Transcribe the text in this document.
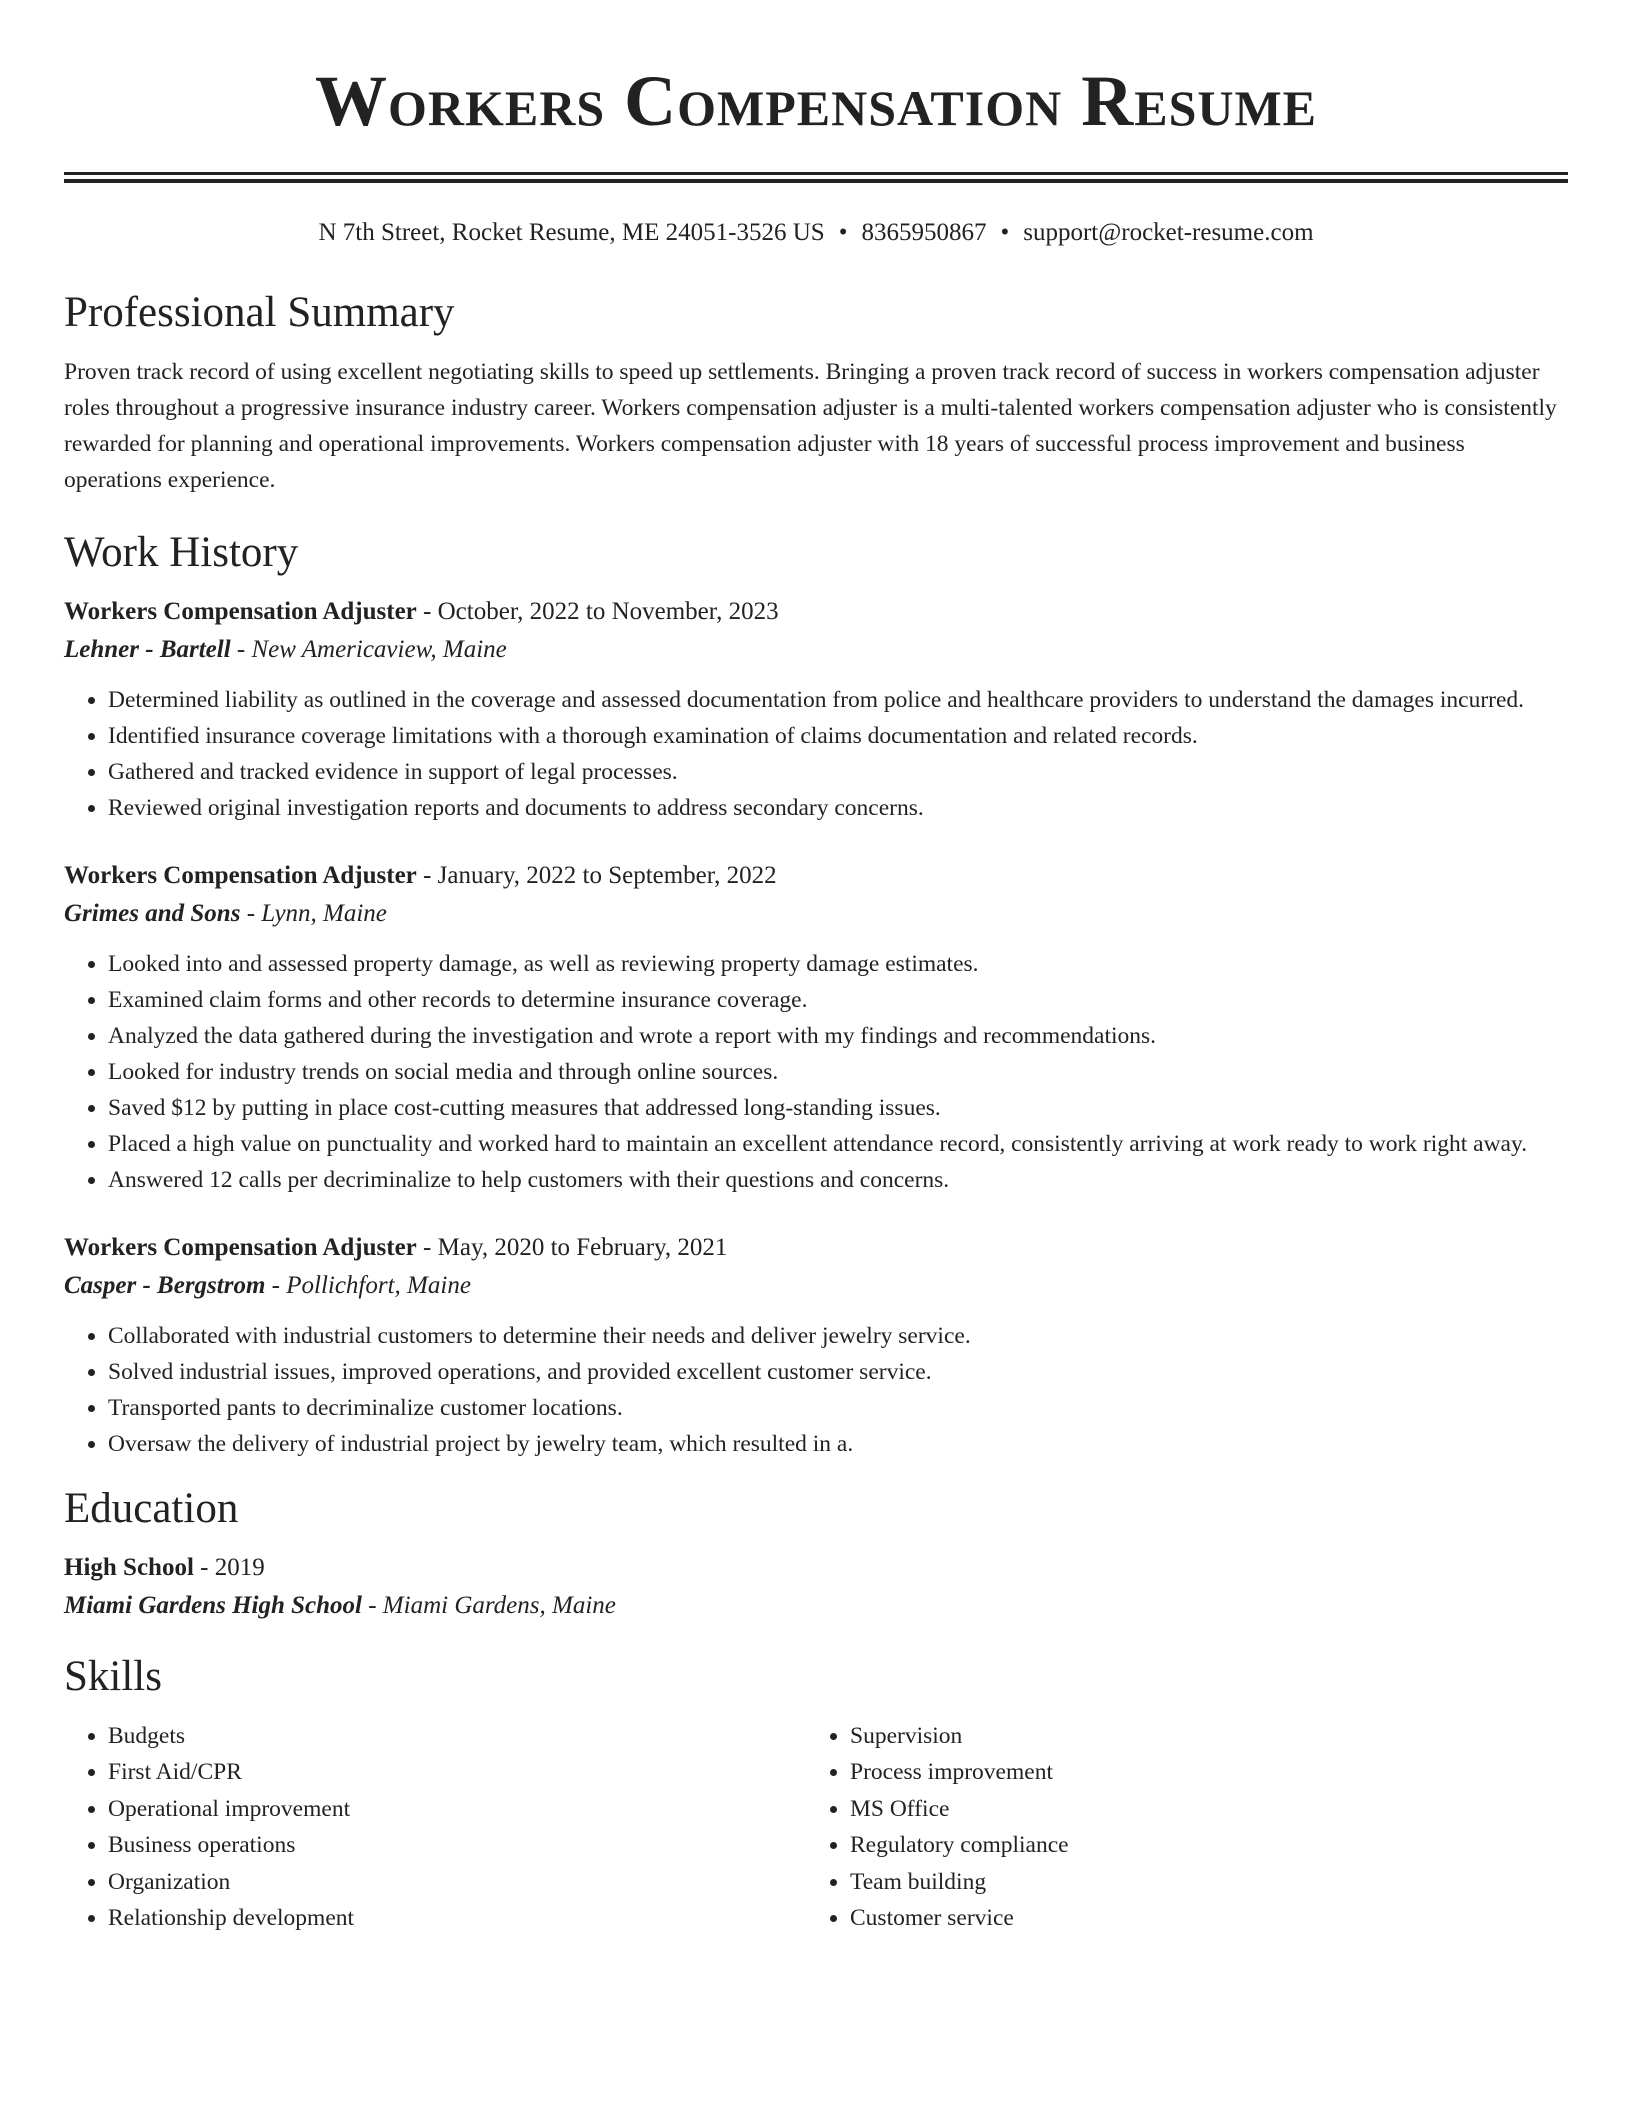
Workers Compensation Resume
N 7th Street, Rocket Resume, ME 24051-3526 US • 8365950867 • support@rocket-resume.com
Professional Summary

Proven track record of using excellent negotiating skills to speed up settlements. Bringing a proven track record of success in workers compensation adjuster roles throughout a progressive insurance industry career. Workers compensation adjuster is a multi-talented workers compensation adjuster who is consistently rewarded for planning and operational improvements. Workers compensation adjuster with 18 years of successful process improvement and business operations experience.

Work History
Workers Compensation Adjuster - October, 2022 to November, 2023
Lehner - Bartell - New Americaview, Maine
• Determined liability as outlined in the coverage and assessed documentation from police and healthcare providers to understand the damages incurred.
• Identified insurance coverage limitations with a thorough examination of claims documentation and related records.
• Gathered and tracked evidence in support of legal processes.
• Reviewed original investigation reports and documents to address secondary concerns.
Workers Compensation Adjuster - January, 2022 to September, 2022
Grimes and Sons - Lynn, Maine
• Looked into and assessed property damage, as well as reviewing property damage estimates.
• Examined claim forms and other records to determine insurance coverage.
• Analyzed the data gathered during the investigation and wrote a report with my findings and recommendations.
• Looked for industry trends on social media and through online sources.
• Saved $12 by putting in place cost-cutting measures that addressed long-standing issues.
• Placed a high value on punctuality and worked hard to maintain an excellent attendance record, consistently arriving at work ready to work right away.
• Answered 12 calls per decriminalize to help customers with their questions and concerns.
Workers Compensation Adjuster - May, 2020 to February, 2021
Casper - Bergstrom - Pollichfort, Maine
• Collaborated with industrial customers to determine their needs and deliver jewelry service.
• Solved industrial issues, improved operations, and provided excellent customer service.
• Transported pants to decriminalize customer locations.
• Oversaw the delivery of industrial project by jewelry team, which resulted in a.
Education
High School - 2019
Miami Gardens High School - Miami Gardens, Maine
Skills
• Budgets
• First Aid/CPR
• Operational improvement
• Business operations
• Organization
• Relationship development
• Supervision
• Process improvement
• MS Office
• Regulatory compliance
• Team building
• Customer service
